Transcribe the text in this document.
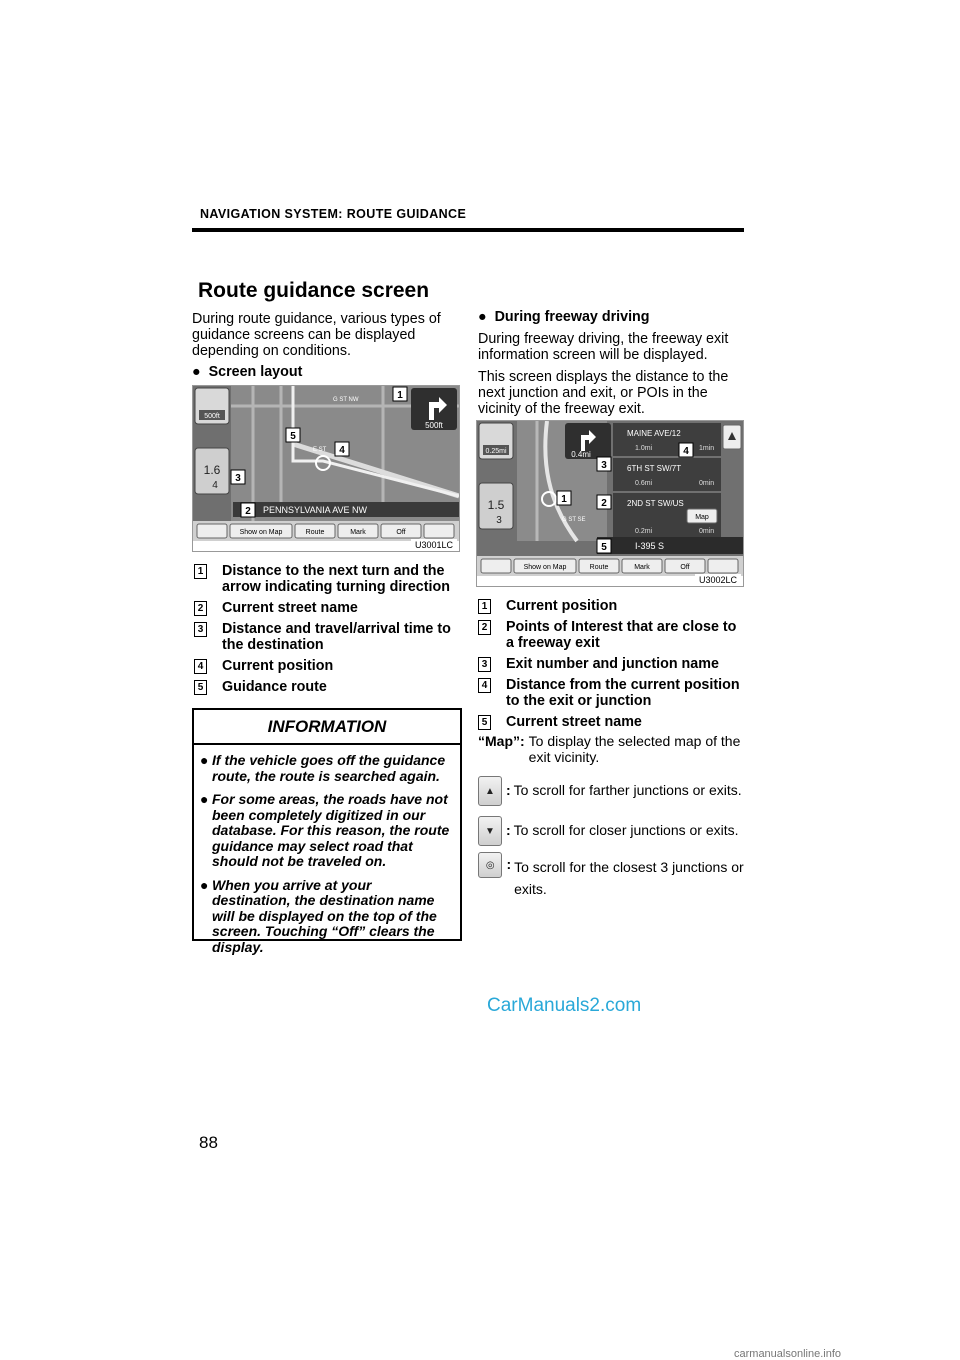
NAVIGATION SYSTEM: ROUTE GUIDANCE
Route guidance screen

During route guidance, various types of guidance screens can be displayed depending on conditions.

●  Screen layout

500ft
1.6
4
500ft
G ST NW
E ST
PENNSYLVANIA AVE NW
Show on Map	Route	Mark	Off
1
2
3
4
5
U3001LC
1 Distance to the next turn and the arrow indicating turning direction
2 Current street name
3 Distance and travel/arrival time to the destination
4 Current position
5 Guidance route
INFORMATION
● If the vehicle goes off the guidance route, the route is searched again.
● For some areas, the roads have not been completely digitized in our database. For this reason, the route guidance may select road that should not be traveled on.
● When you arrive at your destination, the destination name will be displayed on the top of the screen. Touching “Off” clears the display.

●  During freeway driving

During freeway driving, the freeway exit information screen will be displayed.

This screen displays the distance to the next junction and exit, or POIs in the vicinity of the freeway exit.

0.25mi
1.5
3	G ST SE
0.4mi
MAINE AVE/12
1.0mi	1min
6TH ST SW/7T
0.6mi	0min
2ND ST SW/US
0.2mi	0min
Map
I-395 S
Show on Map	Route	Mark	Off
1	2
3
4
5
U3002LC
1 Current position
2 Points of Interest that are close to a freeway exit
3 Exit number and junction name
4 Distance from the current position to the exit or junction
5 Current street name
“Map”: To display the selected map of the exit vicinity.
▲ : To scroll for farther junctions or exits.
▼ : To scroll for closer junctions or exits.
◎ : To scroll for the closest 3 junctions or exits.
CarManuals2.com
88
carmanualsonline.info
